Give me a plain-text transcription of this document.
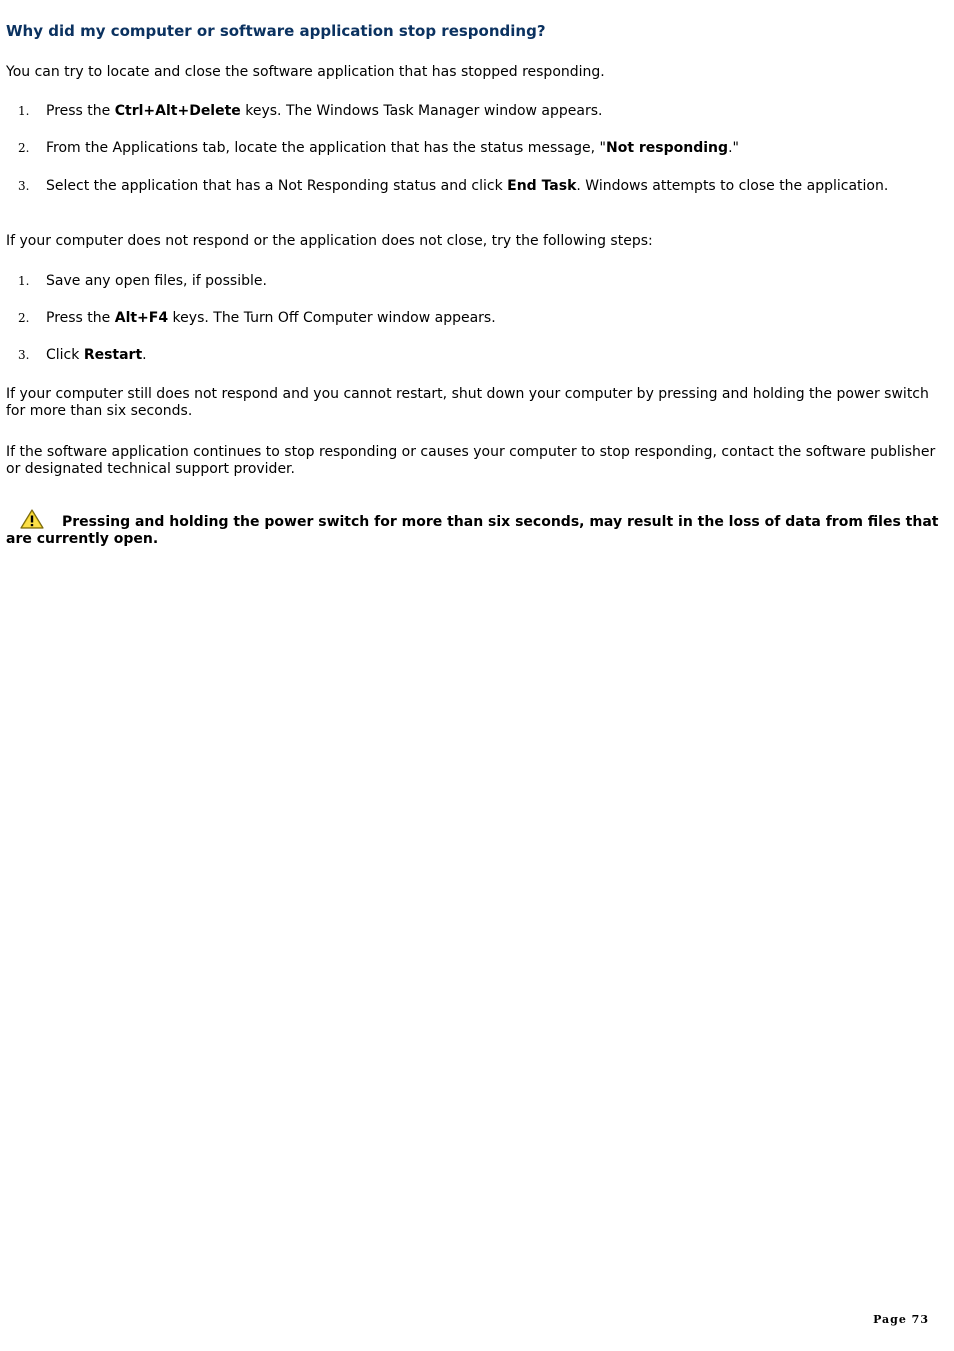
Why did my computer or software application stop responding?

You can try to locate and close the software application that has stopped responding.

1. Press the Ctrl+Alt+Delete keys. The Windows Task Manager window appears.
2. From the Applications tab, locate the application that has the status message, "Not responding."
3. Select the application that has a Not Responding status and click End Task. Windows attempts to close the application.

If your computer does not respond or the application does not close, try the following steps:

1. Save any open files, if possible.
2. Press the Alt+F4 keys. The Turn Off Computer window appears.
3. Click Restart.

If your computer still does not respond and you cannot restart, shut down your computer by pressing and holding the power switch for more than six seconds.

If the software application continues to stop responding or causes your computer to stop responding, contact the software publisher or designated technical support provider.

Pressing and holding the power switch for more than six seconds, may result in the loss of data from files that are currently open.
Page 73
